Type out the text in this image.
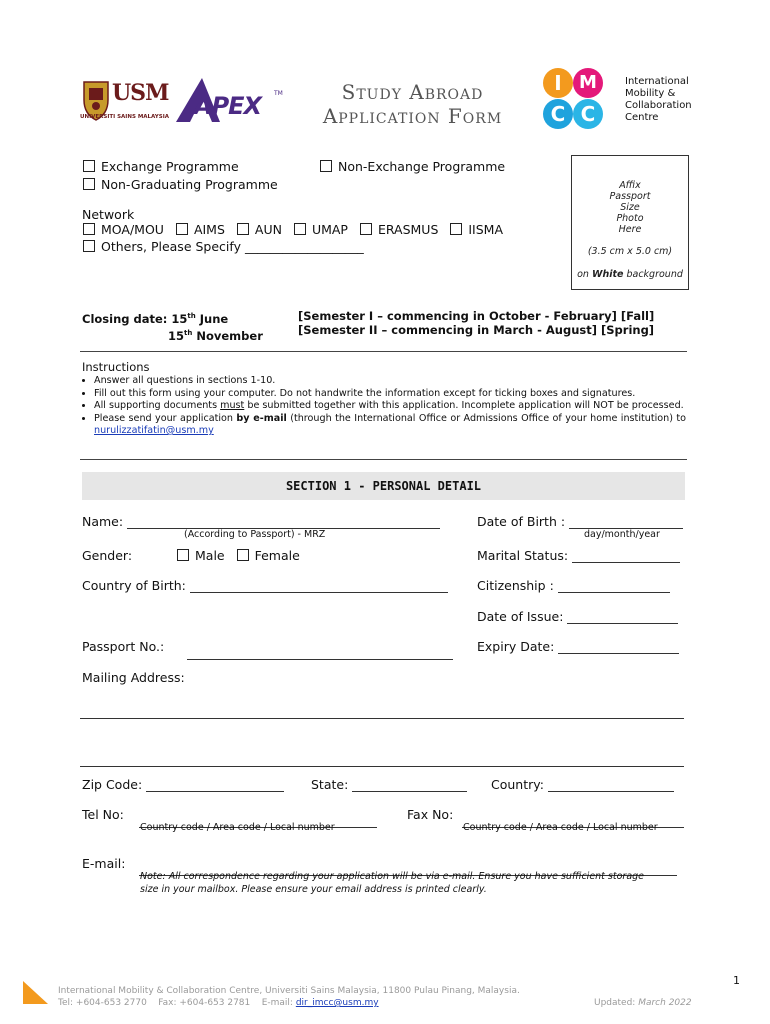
USM
UNIVERSITI SAINS MALAYSIA APEX TM	Study Abroad
Application Form
I M
C C
International
Mobility &
Collaboration
Centre
Exchange Programme	Non-Exchange Programme
Non-Graduating Programme
Network
MOA/MOU AIMS AUN UMAP ERASMUS IISMA
Others, Please Specify ___________________
Affix
Passport
Size
Photo
Here
(3.5 cm x 5.0 cm)
on White background
Closing date: 15th June
15th November
[Semester I – commencing in October - February] [Fall]
[Semester II – commencing in March - August] [Spring]
Instructions
• Answer all questions in sections 1-10.
• Fill out this form using your computer. Do not handwrite the information except for ticking boxes and signatures.
• All supporting documents must be submitted together with this application. Incomplete application will NOT be processed.
• Please send your application by e-mail (through the International Office or Admissions Office of your home institution) to nurulizzatifatin@usm.my
SECTION 1 - PERSONAL DETAIL
Name:
(According to Passport) - MRZ
Date of Birth :
day/month/year
Gender:	Male Female	Marital Status:
Country of Birth:	Citizenship :
Date of Issue:
Passport No.:	Expiry Date:
Mailing Address:
Zip Code:	State:	Country:
Tel No:
Country code / Area code / Local number
Fax No:
Country code / Area code / Local number
E-mail:
Note: All correspondence regarding your application will be via e-mail. Ensure you have sufficient storage
size in your mailbox. Please ensure your email address is printed clearly.
1
International Mobility & Collaboration Centre, Universiti Sains Malaysia, 11800 Pulau Pinang, Malaysia.
Tel: +604-653 2770 Fax: +604-653 2781 E-mail: dir_imcc@usm.my	Updated: March 2022
